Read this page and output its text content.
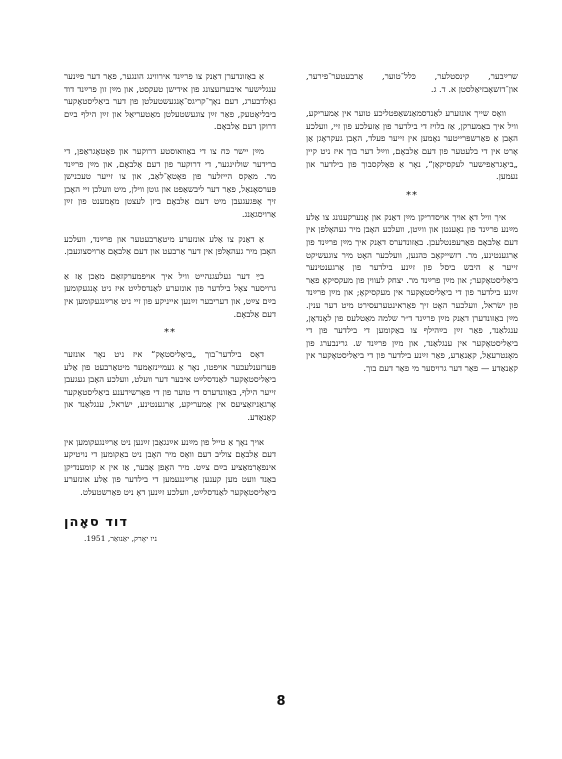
שרײַבער, קינסטלער, כּלל־טוער, אַרבעטער־פירער, און־דזשאָבזיאַלסטן א. ד. ג.

וואָס שייך אונזערע לאַנדסמאַנשאַפטליכע טוער אין אַמעריקע, וויל איך באַמערקן, אַז בלויז די בילדער פון אַזעלכע פון זיי, וועלכע האָבן אַ פאַרשפּרייטער נאָמען אין זייער פעלד, האָבן געקראָגן אַן אָרט אין די בלעטער פון דעם אַלבאָם, ווײַל דער בוך איז ניט קיין „ביאָגראַפישער לעקסיקאָן“, נאָר אַ פאָלקסבוך פון בילדער און נעמען.

**

איך וויל דאָ אויך אויסדריקן מײַן דאַנק און אָנערקענונג צו אַלע מײַנע פרײַנד פון נאָענטן און ווײַטן, וועלכע האָבן מיר געהאָלפן אין דעם אַלבאָם פאַרעפנטלעכן. באַזונדערס דאַנק איך מײַן פרײַנד פון אַרגענטינע, מר. דזשייקאָב כּהנען, וועלכער האָט מיר צוגעשיקט זייער אַ היבש ביסל פון זײַנע בילדער פון אַרגענטינער ביאַליסטאָקער; און מײַן פרײַנד מר. יצחק לעווין פון מעקסיקאָ פאַר זײַנע בילדער פון די ביאַליסטאָקער אין מעקסיקאָ; און מײַן פרײַנד פון ישׂראל, וועלכער האָט זיך פאַראינטערעסירט מיט דער ענין. מײַן באַזונדערן דאַנק מײַן פרײַנד ד״ר שלמה מאַטלעס פון לאָנדאָן, ענגלאַנד, פאַר זײַן בײַהילף צו באַקומען די בילדער פון די ביאַליסטאָקער אין ענגלאַנד, און מײַן פרײַנד ש. גרינבערג פון מאָנטרעאַל, קאַנאַדע, פאַר זײַנע בילדער פון די ביאַליסטאָקער אין קאַנאַדע — פאַר דער גרויסער מי פאַר דעם בוך.

אַ באַזונדערן דאַנק צו פרײַנד אירווינג הונגער, פאַר דער פײַנער ענגלישער איבערזעצונג פון אידישן טעקסט, און מײַן זון פרײַנד דוד גאָלדבערג, דעם נאָך־קריגס־אָנגעשטעלטן פון דער ביאַליסטאָקער ביבליאָטעק, פאַר זײַן צוגעשטעלטן מאַטעריאַל און זײַן הילף בײַם דרוקן דעם אַלבאָם.

מײַן יישר כּח צו די באַוואוסטע דרוקער און פאָטאָגראַפן, די ברידער שולזינגער, די דרוקער פון דעם אַלבאָם, און מײַן פרײַנד מר. מאַקס הייזלער פון פאָטאָ־לאַב, און צו זייער טעכנישן פּערסאָנאַל, פאַר דער ליבשאַפט און גוטן ווילן, מיט וועלכן זיי האָבן זיך אָפּגעגעבן מיט דעם אַלבאָם ביזן לעצטן מאָמענט פון זײַן אַרויסגאַנג.

אַ דאַנק צו אַלע אונזערע מיטאַרבעטער און פרײַנד, וועלכע האָבן מיר געהאָלפן אין דער אַרבעט און דעם אַלבאָם אַרויסצוגעבן.

בײַ דער געלעגנהייט וויל איך אויפמערקזאַם מאַכן אַז אַ גרויסער צאָל בילדער פון אונזערע לאַנדסלײַט איז ניט אָנגעקומען בײַם צײַט, און דעריבער זײַנען אייניקע פון זיי ניט אַרײַנגעקומען אין דעם אַלבאָם.

**

דאָס בילדער־בוך „ביאַליסטאָק“ איז ניט נאָר אונזער פּערזענלעכער אויפטו, נאָר אַ געמיינזאַמער מיטאַרבעט פון אַלע ביאַליסטאָקער לאַנדסלײַט איבער דער וועלט, וועלכע האָבן געגעבן זייער הילף, באַזונדערס די טוער פון די פאַרשידענע ביאַליסטאָקער אָרגאַניזאַציעס אין אַמעריקע, אַרגענטינע, ישׂראל, ענגלאַנד און קאַנאַדע.

אויך נאָך אַ טייל פון מײַנע אײַנגאַבן זײַנען ניט אַרײַנגעקומען אין דעם אַלבאָם צוליב דעם וואָס מיר האָבן ניט באַקומען די נויטיקע אינפאָרמאַציע בײַם צײַט. מיר האָפן אָבער, אַז אין א קומענדיקן באַנד וועט מען קענען אַרײַננעמען די בילדער פון אַלע אונזערע ביאַליסטאָקער לאַנדסלײַט, וועלכע זײַנען דאָ ניט פאַרשטעלט.

דוד סאָהן
ניו יאָרק, יאַנואַר, 1951.
8
